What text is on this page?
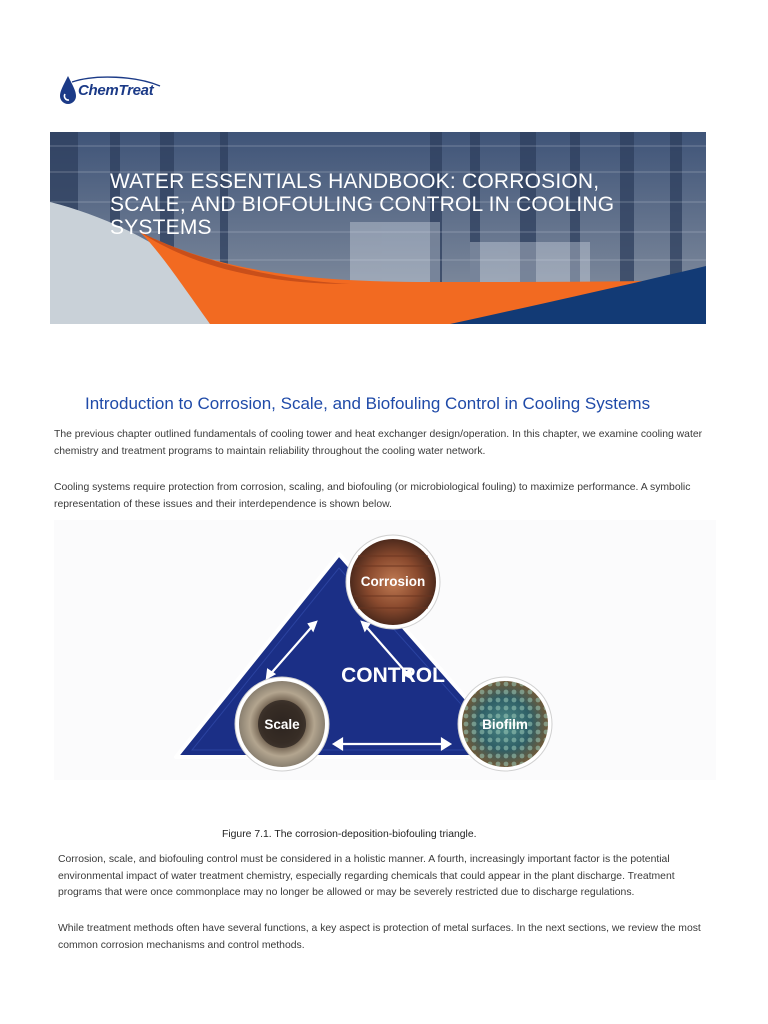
ChemTreat
WATER ESSENTIALS HANDBOOK: CORROSION, SCALE, AND BIOFOULING CONTROL IN COOLING SYSTEMS
Introduction to Corrosion, Scale, and Biofouling Control in Cooling Systems
The previous chapter outlined fundamentals of cooling tower and heat exchanger design/operation. In this chapter, we examine cooling water chemistry and treatment programs to maintain reliability throughout the cooling water network.
Cooling systems require protection from corrosion, scaling, and biofouling (or microbiological fouling) to maximize performance. A symbolic representation of these issues and their interdependence is shown below.
CONTROL
Corrosion
Scale	Biofilm
Figure 7.1. The corrosion-deposition-biofouling triangle.
Corrosion, scale, and biofouling control must be considered in a holistic manner. A fourth, increasingly important factor is the potential environmental impact of water treatment chemistry, especially regarding chemicals that could appear in the plant discharge. Treatment programs that were once commonplace may no longer be allowed or may be severely restricted due to discharge regulations.
While treatment methods often have several functions, a key aspect is protection of metal surfaces. In the next sections, we review the most common corrosion mechanisms and control methods.
